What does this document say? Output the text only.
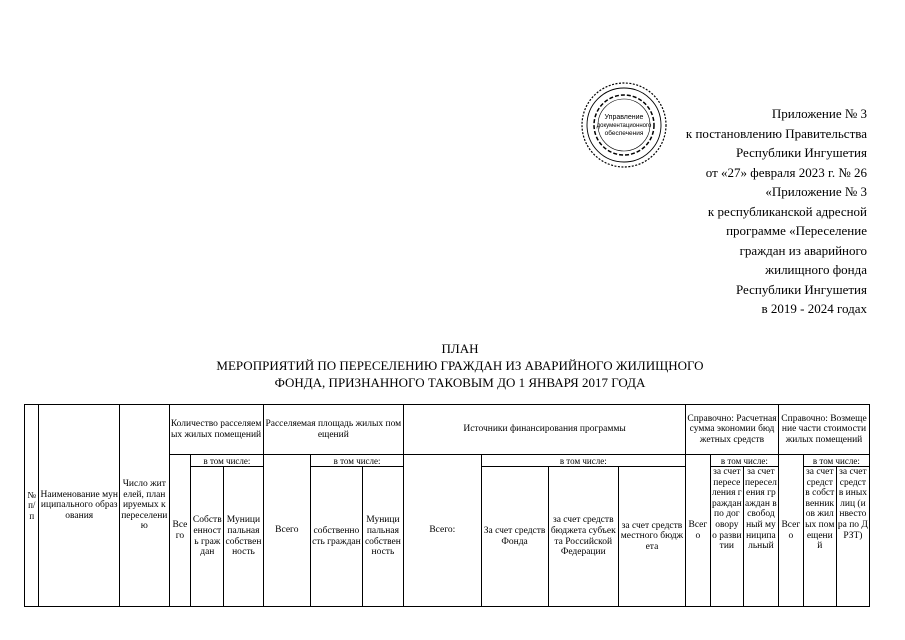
Приложение № 3
к постановлению Правительства
Республики Ингушетия
от «27» февраля 2023 г. № 26
Управление
документационного
обеспечения
«Приложение № 3
к республиканской адресной
программе «Переселение
граждан из аварийного
жилищного фонда
Республики Ингушетия
в 2019 - 2024 годах
ПЛАН
МЕРОПРИЯТИЙ ПО ПЕРЕСЕЛЕНИЮ ГРАЖДАН ИЗ АВАРИЙНОГО ЖИЛИЩНОГО
ФОНДА, ПРИЗНАННОГО ТАКОВЫМ ДО 1 ЯНВАРЯ 2017 ГОДА
№ п/п	Наименование муниципального образования	Число жителей, планируемых к переселению	Количество расселяемых жилых помещений			Расселяемая площадь жилых помещений			Источники финансирования программы				Справочно: Расчетная сумма экономии бюджетных средств			Справочно: Возмещение части стоимости жилых помещений		
			Всего	в том числе:		Всего	в том числе:		Всего:	в том числе:			Всего	в том числе:		Всего	в том числе:	
				Собственность граждан	Муниципальная собственность		собственность граждан	Муниципальная собственность		За счет средств Фонда	за счет средств бюджета субъекта Российской Федерации	за счет средств местного бюджета		за счет переселения граждан по договору о развитии	за счет переселения граждан в свободный муниципальный		за счет средств собственников жилых помещений	за счет средств иных лиц (инвестора по ДРЗТ)
